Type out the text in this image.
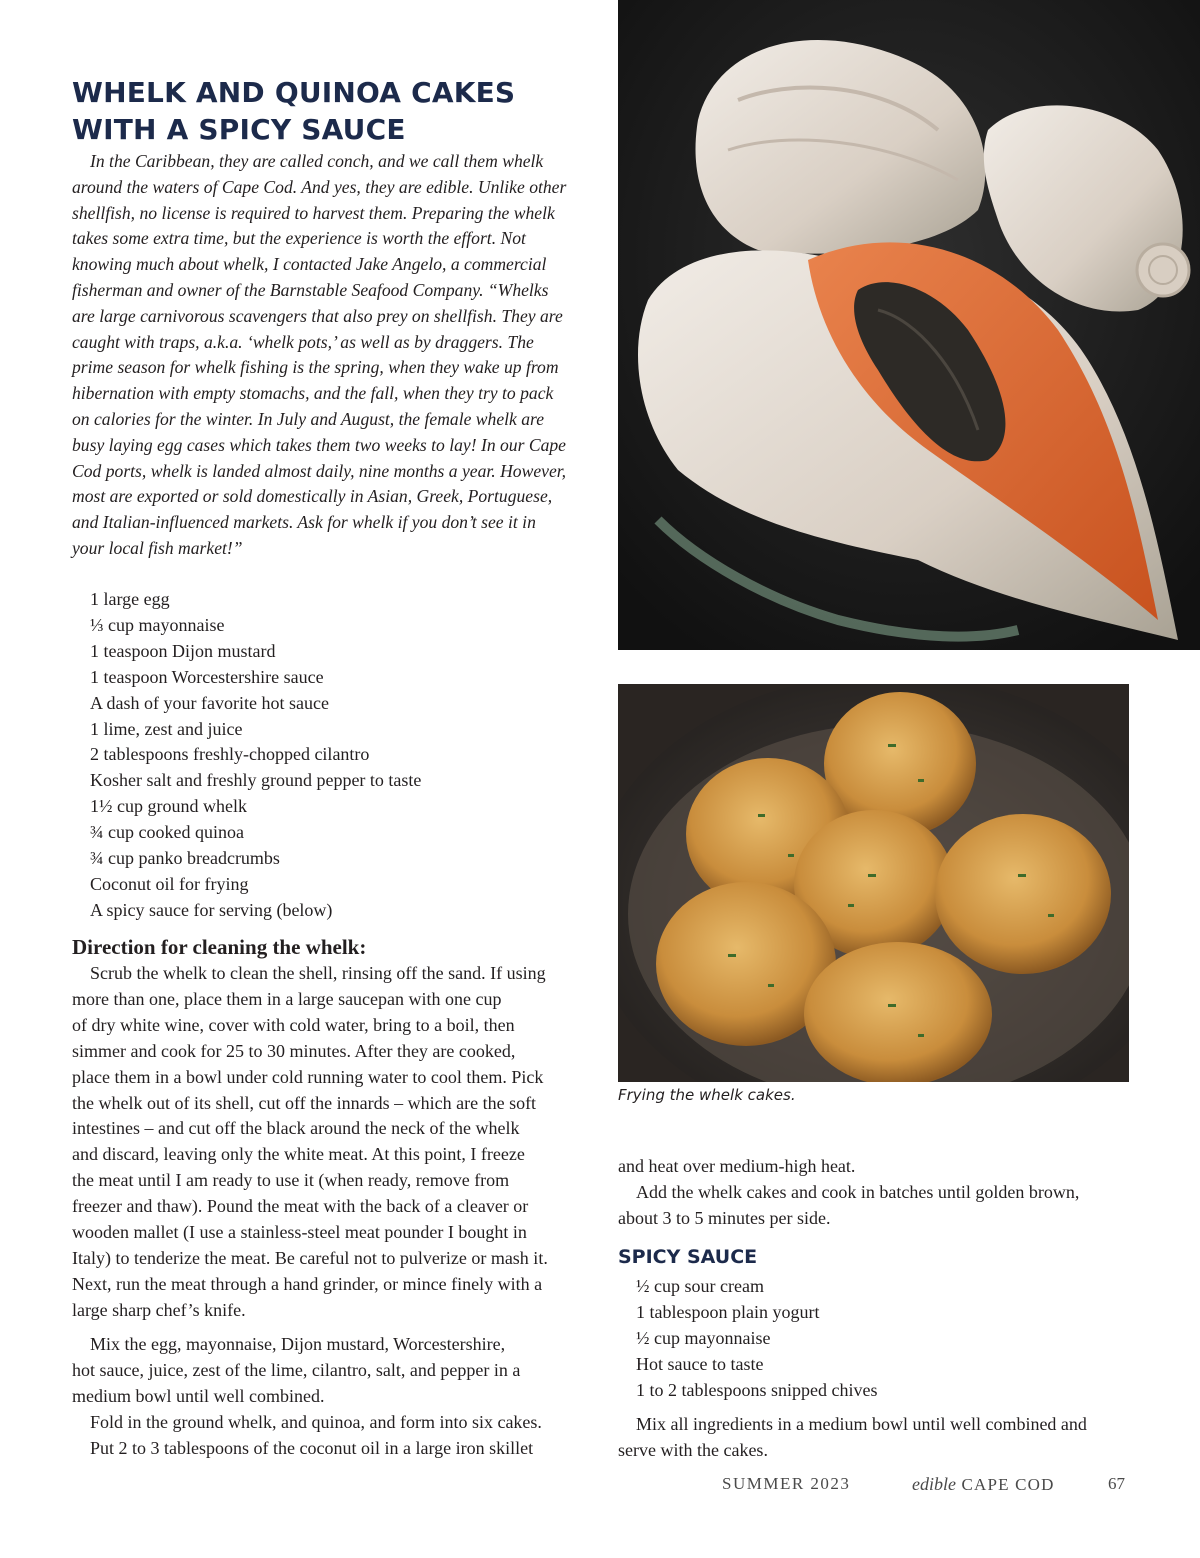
WHELK AND QUINOA CAKES
WITH A SPICY SAUCE
In the Caribbean, they are called conch, and we call them whelk
around the waters of Cape Cod. And yes, they are edible. Unlike other
shellfish, no license is required to harvest them. Preparing the whelk
takes some extra time, but the experience is worth the effort. Not
knowing much about whelk, I contacted Jake Angelo, a commercial
fisherman and owner of the Barnstable Seafood Company. “Whelks
are large carnivorous scavengers that also prey on shellfish. They are
caught with traps, a.k.a. ‘whelk pots,’ as well as by draggers. The
prime season for whelk fishing is the spring, when they wake up from
hibernation with empty stomachs, and the fall, when they try to pack
on calories for the winter. In July and August, the female whelk are
busy laying egg cases which takes them two weeks to lay! In our Cape
Cod ports, whelk is landed almost daily, nine months a year. However,
most are exported or sold domestically in Asian, Greek, Portuguese,
and Italian-influenced markets. Ask for whelk if you don’t see it in
your local fish market!”
1 large egg
⅓ cup mayonnaise
1 teaspoon Dijon mustard
1 teaspoon Worcestershire sauce
A dash of your favorite hot sauce
1 lime, zest and juice
2 tablespoons freshly-chopped cilantro
Kosher salt and freshly ground pepper to taste
1½ cup ground whelk
¾ cup cooked quinoa
¾ cup panko breadcrumbs
Coconut oil for frying
A spicy sauce for serving (below)
Direction for cleaning the whelk:
Scrub the whelk to clean the shell, rinsing off the sand. If using
more than one, place them in a large saucepan with one cup
of dry white wine, cover with cold water, bring to a boil, then
simmer and cook for 25 to 30 minutes. After they are cooked,
place them in a bowl under cold running water to cool them. Pick
the whelk out of its shell, cut off the innards – which are the soft
intestines – and cut off the black around the neck of the whelk
and discard, leaving only the white meat. At this point, I freeze
the meat until I am ready to use it (when ready, remove from
freezer and thaw). Pound the meat with the back of a cleaver or
wooden mallet (I use a stainless-steel meat pounder I bought in
Italy) to tenderize the meat. Be careful not to pulverize or mash it.
Next, run the meat through a hand grinder, or mince finely with a
large sharp chef’s knife.
Mix the egg, mayonnaise, Dijon mustard, Worcestershire,
hot sauce, juice, zest of the lime, cilantro, salt, and pepper in a
medium bowl until well combined.
Fold in the ground whelk, and quinoa, and form into six cakes.
Put 2 to 3 tablespoons of the coconut oil in a large iron skillet
Frying the whelk cakes.
and heat over medium-high heat.
Add the whelk cakes and cook in batches until golden brown,
about 3 to 5 minutes per side.
SPICY SAUCE
½ cup sour cream
1 tablespoon plain yogurt
½ cup mayonnaise
Hot sauce to taste
1 to 2 tablespoons snipped chives
Mix all ingredients in a medium bowl until well combined and
serve with the cakes.
SUMMER 2023	edible CAPE COD	67
